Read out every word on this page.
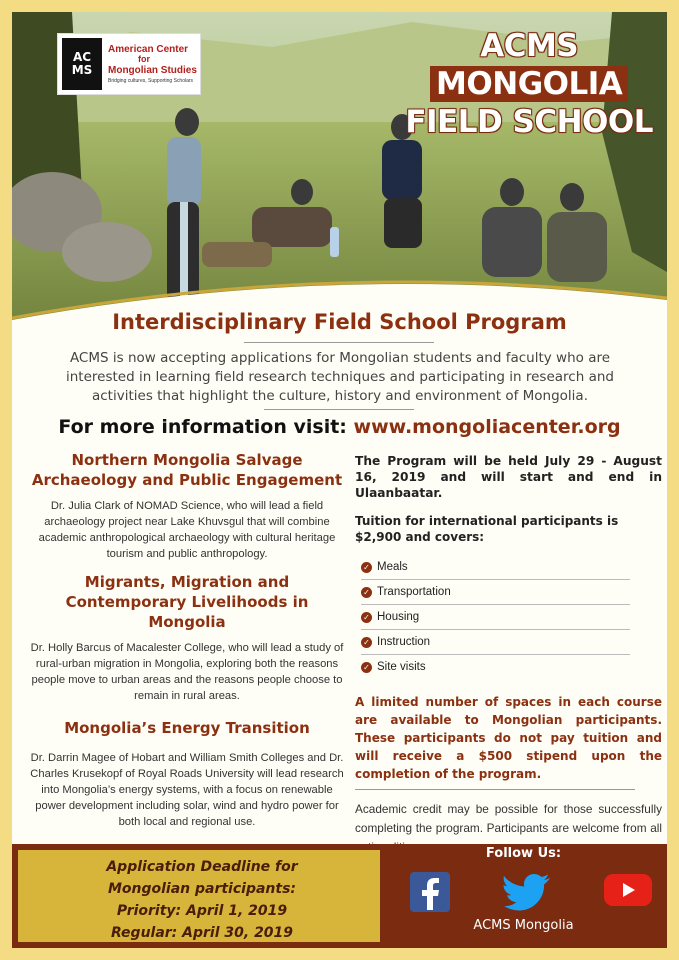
AC
MS
American Center
for
Mongolian Studies
Bridging cultures, Supporting Scholars
ACMS
MONGOLIA
FIELD SCHOOL
Interdisciplinary Field School Program
ACMS is now accepting applications for Mongolian students and faculty who are interested in learning field research techniques and participating in research and activities that highlight the culture, history and environment of Mongolia.
For more information visit: www.mongoliacenter.org
Northern Mongolia Salvage Archaeology and Public Engagement

Dr. Julia Clark of NOMAD Science, who will lead a field archaeology project near Lake Khuvsgul that will combine academic anthropological archaeology with cultural heritage tourism and public anthropology.

Migrants, Migration and Contemporary Livelihoods in Mongolia

Dr. Holly Barcus of Macalester College, who will lead a study of rural-urban migration in Mongolia, exploring both the reasons people move to urban areas and the reasons people choose to remain in rural areas.

Mongolia’s Energy Transition

Dr. Darrin Magee of Hobart and William Smith Colleges and Dr. Charles Krusekopf of Royal Roads University will lead research into Mongolia’s energy systems, with a focus on renewable power development including solar, wind and hydro power for both local and regional use.

The Program will be held July 29 - August 16, 2019 and will start and end in Ulaanbaatar.
Tuition for international participants is $2,900 and covers:
✓ Meals
✓ Transportation
✓ Housing
✓ Instruction
✓ Site visits
A limited number of spaces in each course are available to Mongolian participants. These participants do not pay tuition and will receive a $500 stipend upon the completion of the program.
Academic credit may be possible for those successfully completing the program. Participants are welcome from all
Application Deadline for
Mongolian participants:
Priority: April 1, 2019
Regular: April 30, 2019
Follow Us:
ACMS Mongolia
